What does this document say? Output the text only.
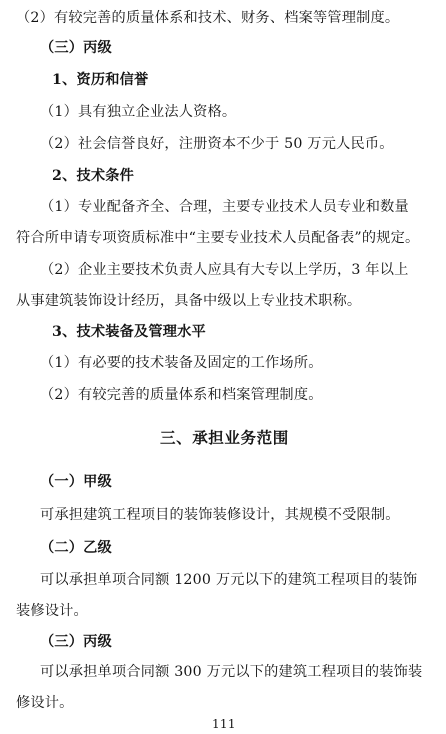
（2）有较完善的质量体系和技术、财务、档案等管理制度。
（三）丙级
1、资历和信誉
（1）具有独立企业法人资格。
（2）社会信誉良好，注册资本不少于 50 万元人民币。
2、技术条件
（1）专业配备齐全、合理，主要专业技术人员专业和数量
符合所申请专项资质标准中“主要专业技术人员配备表”的规定。
（2）企业主要技术负责人应具有大专以上学历，3 年以上
从事建筑装饰设计经历，具备中级以上专业技术职称。
3、技术装备及管理水平
（1）有必要的技术装备及固定的工作场所。
（2）有较完善的质量体系和档案管理制度。
三、承担业务范围
（一）甲级
可承担建筑工程项目的装饰装修设计，其规模不受限制。
（二）乙级
可以承担单项合同额 1200 万元以下的建筑工程项目的装饰
装修设计。
（三）丙级
可以承担单项合同额 300 万元以下的建筑工程项目的装饰装
修设计。
111
